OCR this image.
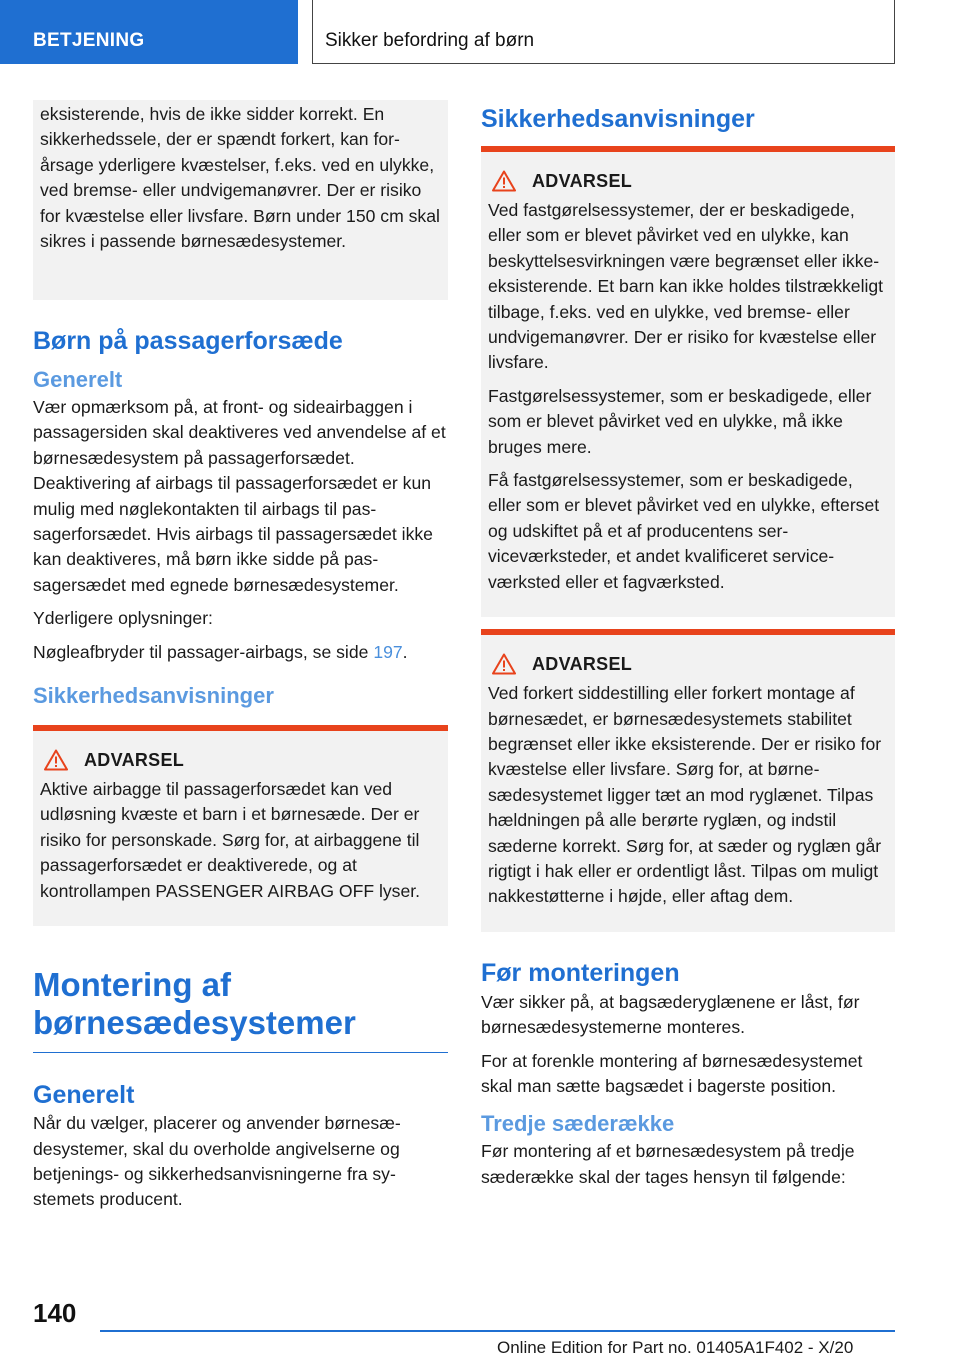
BETJENING	Sikker befordring af børn

eksisterende, hvis de ikke sidder korrekt. En sikkerhedssele, der er spændt forkert, kan forårsage yderligere kvæstelser, f.eks. ved en ulykke, ved bremse- eller undvigemanøvrer. Der er risiko for kvæstelse eller livsfare. Børn under 150 cm skal sikres i passende børnesædesystemer.

Børn på passagerforsæde
Generelt

Vær opmærksom på, at front- og sideairbaggen i passagersiden skal deaktiveres ved anvendelse af et børnesædesystem på passagerforsædet. Deaktivering af airbags til passagerforsædet er kun mulig med nøglekontakten til airbags til passagerforsædet. Hvis airbags til passagersædet ikke kan deaktiveres, må børn ikke sidde på passagersædet med egnede børnesædesystemer.

Yderligere oplysninger:

Nøgleafbryder til passager-airbags, se side 197.

Sikkerhedsanvisninger
ADVARSEL

Aktive airbagge til passagerforsædet kan ved udløsning kvæste et barn i et børnesæde. Der er risiko for personskade. Sørg for, at airbaggene til passagerforsædet er deaktiverede, og at kontrollampen PASSENGER AIRBAG OFF lyser.

Montering af børnesædesystemer
Generelt

Når du vælger, placerer og anvender børnesædesystemer, skal du overholde angivelserne og betjenings- og sikkerhedsanvisningerne fra systemets producent.

Sikkerhedsanvisninger
ADVARSEL

Ved fastgørelsessystemer, der er beskadigede, eller som er blevet påvirket ved en ulykke, kan beskyttelsesvirkningen være begrænset eller ikke-eksisterende. Et barn kan ikke holdes tilstrækkeligt tilbage, f.eks. ved en ulykke, ved bremse- eller undvigemanøvrer. Der er risiko for kvæstelse eller livsfare.

Fastgørelsessystemer, som er beskadigede, eller som er blevet påvirket ved en ulykke, må ikke bruges mere.

Få fastgørelsessystemer, som er beskadigede, eller som er blevet påvirket ved en ulykke, efterset og udskiftet på et af producentens serviceværksteder, et andet kvalificeret serviceværksted eller et fagværksted.

ADVARSEL

Ved forkert siddestilling eller forkert montage af børnesædet, er børnesædesystemets stabilitet begrænset eller ikke eksisterende. Der er risiko for kvæstelse eller livsfare. Sørg for, at børnesædesystemet ligger tæt an mod ryglænet. Tilpas hældningen på alle berørte ryglæn, og indstil sæderne korrekt. Sørg for, at sæder og ryglæn går rigtigt i hak eller er ordentligt låst. Tilpas om muligt nakkestøtterne i højde, eller aftag dem.

Før monteringen

Vær sikker på, at bagsæderyglænene er låst, før børnesædesystemerne monteres.

For at forenkle montering af børnesædesystemet skal man sætte bagsædet i bagerste position.

Tredje sæderække

Før montering af et børnesædesystem på tredje sæderække skal der tages hensyn til følgende:

140
Online Edition for Part no. 01405A1F402 - X/20
